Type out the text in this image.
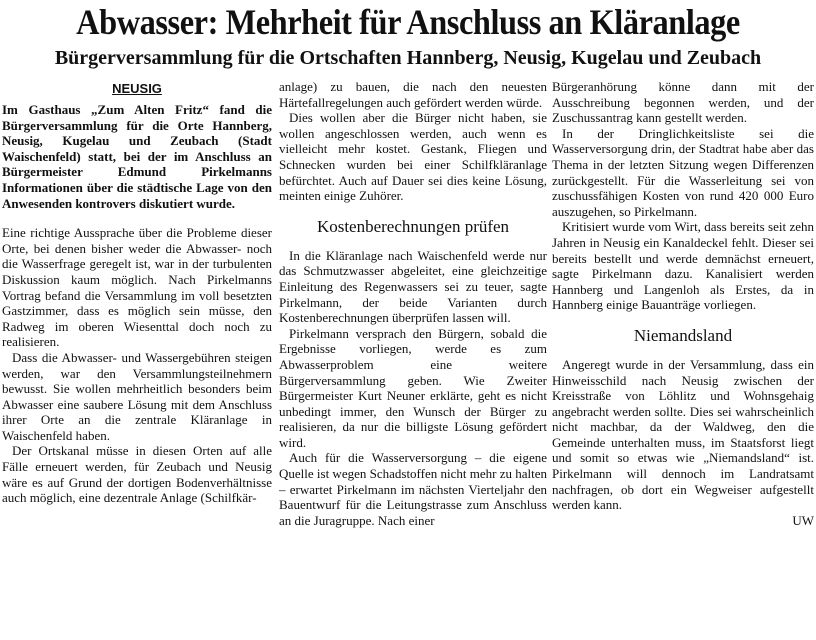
Abwasser: Mehrheit für Anschluss an Kläranlage
Bürgerversammlung für die Ortschaften Hannberg, Neusig, Kugelau und Zeubach
NEUSIG

Im Gasthaus „Zum Alten Fritz“ fand die Bürgerversammlung für die Orte Hannberg, Neusig, Kugelau und Zeubach (Stadt Waischenfeld) statt, bei der im Anschluss an Bürgermeister Edmund Pirkelmanns Informationen über die städtische Lage von den Anwesenden kontrovers diskutiert wurde.

Eine richtige Aussprache über die Probleme dieser Orte, bei denen bisher weder die Abwasser- noch die Wasserfrage geregelt ist, war in der turbulenten Diskussion kaum möglich. Nach Pirkelmanns Vortrag befand die Versammlung im voll besetzten Gastzimmer, dass es möglich sein müsse, den Radweg im oberen Wiesenttal doch noch zu realisieren.

Dass die Abwasser- und Wassergebühren steigen werden, war den Versammlungsteilnehmern bewusst. Sie wollen mehrheitlich besonders beim Abwasser eine saubere Lösung mit dem Anschluss ihrer Orte an die zentrale Kläranlage in Waischenfeld haben.

Der Ortskanal müsse in diesen Orten auf alle Fälle erneuert werden, für Zeubach und Neusig wäre es auf Grund der dortigen Bodenverhältnisse auch möglich, eine dezentrale Anlage (Schilfkär-

anlage) zu bauen, die nach den neuesten Härtefallregelungen auch gefördert werden würde.

Dies wollen aber die Bürger nicht haben, sie wollen angeschlossen werden, auch wenn es vielleicht mehr kostet. Gestank, Fliegen und Schnecken wurden bei einer Schilfkläranlage befürchtet. Auch auf Dauer sei dies keine Lösung, meinten einige Zuhörer.

Kostenberechnungen prüfen

In die Kläranlage nach Waischenfeld werde nur das Schmutzwasser abgeleitet, eine gleichzeitige Einleitung des Regenwassers sei zu teuer, sagte Pirkelmann, der beide Varianten durch Kostenberechnungen überprüfen lassen will.

Pirkelmann versprach den Bürgern, sobald die Ergebnisse vorliegen, werde es zum Abwasserproblem eine weitere Bürgerversammlung geben. Wie Zweiter Bürgermeister Kurt Neuner erklärte, geht es nicht unbedingt immer, den Wunsch der Bürger zu realisieren, da nur die billigste Lösung gefördert wird.

Auch für die Wasserversorgung – die eigene Quelle ist wegen Schadstoffen nicht mehr zu halten – erwartet Pirkelmann im nächsten Vierteljahr den Bauentwurf für die Leitungstrasse zum Anschluss an die Juragruppe. Nach einer

Bürgeranhörung könne dann mit der Ausschreibung begonnen werden, und der Zuschussantrag kann gestellt werden.

In der Dringlichkeitsliste sei die Wasserversorgung drin, der Stadtrat habe aber das Thema in der letzten Sitzung wegen Differenzen zurückgestellt. Für die Wasserleitung sei von zuschussfähigen Kosten von rund 420 000 Euro auszugehen, so Pirkelmann.

Kritisiert wurde vom Wirt, dass bereits seit zehn Jahren in Neusig ein Kanaldeckel fehlt. Dieser sei bereits bestellt und werde demnächst erneuert, sagte Pirkelmann dazu. Kanalisiert werden Hannberg und Langenloh als Erstes, da in Hannberg einige Bauanträge vorliegen.

Niemandsland

Angeregt wurde in der Versammlung, dass ein Hinweisschild nach Neusig zwischen der Kreisstraße von Löhlitz und Wohnsgehaig angebracht werden sollte. Dies sei wahrscheinlich nicht machbar, da der Waldweg, den die Gemeinde unterhalten muss, im Staatsforst liegt und somit so etwas wie „Niemandsland“ ist. Pirkelmann will dennoch im Landratsamt nachfragen, ob dort ein Wegweiser aufgestellt werden kann.

UW
